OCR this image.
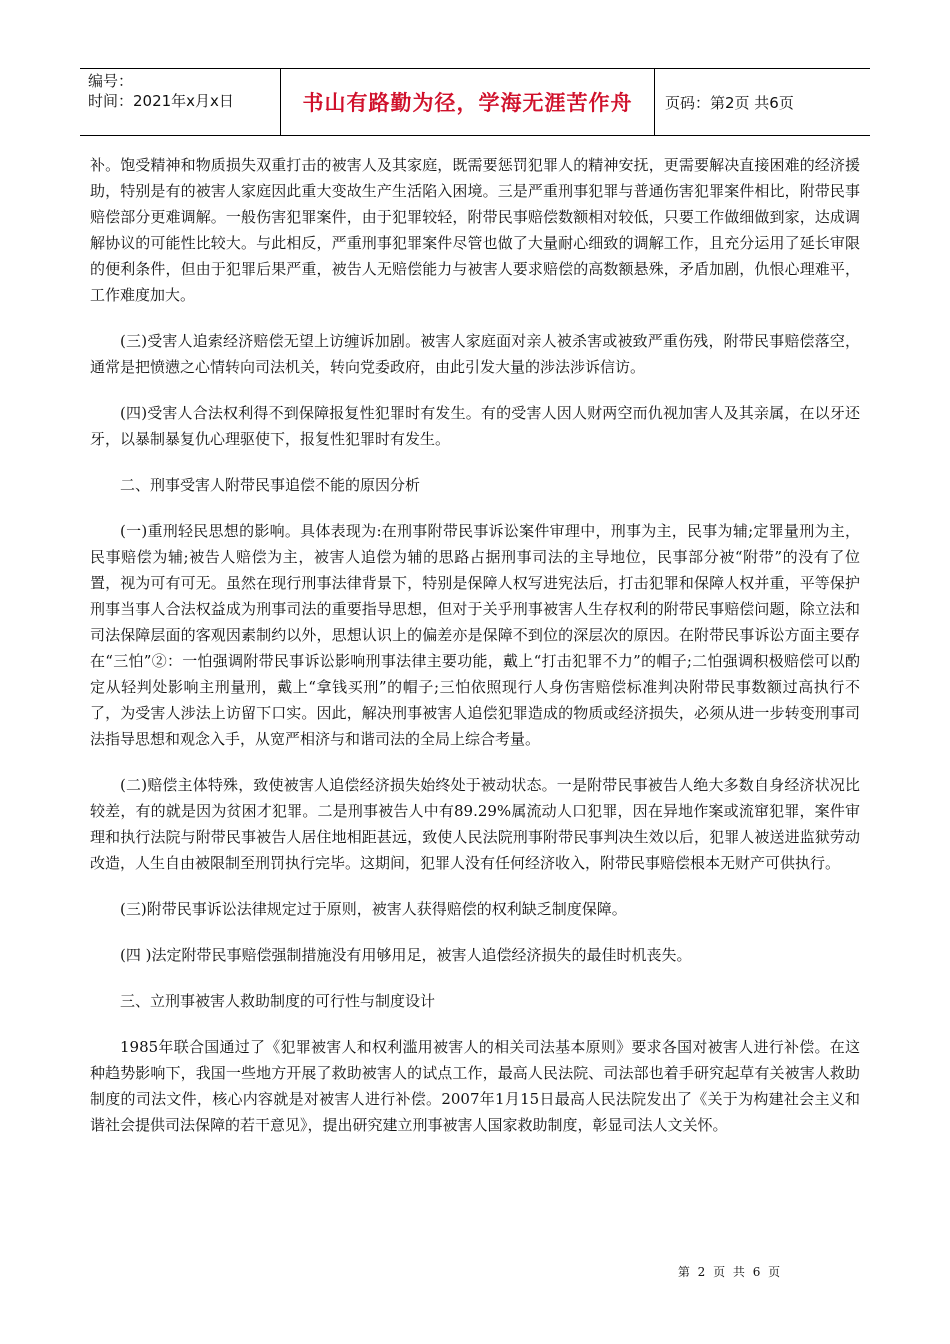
编号：
时间：2021年x月x日	书山有路勤为径，学海无涯苦作舟	页码：第2页 共6页

补。饱受精神和物质损失双重打击的被害人及其家庭，既需要惩罚犯罪人的精神安抚，更需要解决直接困难的经济援助，特别是有的被害人家庭因此重大变故生产生活陷入困境。三是严重刑事犯罪与普通伤害犯罪案件相比，附带民事赔偿部分更难调解。一般伤害犯罪案件，由于犯罪较轻，附带民事赔偿数额相对较低，只要工作做细做到家，达成调解协议的可能性比较大。与此相反，严重刑事犯罪案件尽管也做了大量耐心细致的调解工作，且充分运用了延长审限的便利条件，但由于犯罪后果严重，被告人无赔偿能力与被害人要求赔偿的高数额悬殊，矛盾加剧，仇恨心理难平，工作难度加大。

(三)受害人追索经济赔偿无望上访缠诉加剧。被害人家庭面对亲人被杀害或被致严重伤残，附带民事赔偿落空，通常是把愤懑之心情转向司法机关，转向党委政府，由此引发大量的涉法涉诉信访。

(四)受害人合法权利得不到保障报复性犯罪时有发生。有的受害人因人财两空而仇视加害人及其亲属，在以牙还牙，以暴制暴复仇心理驱使下，报复性犯罪时有发生。

二、刑事受害人附带民事追偿不能的原因分析

(一)重刑轻民思想的影响。具体表现为:在刑事附带民事诉讼案件审理中，刑事为主，民事为辅;定罪量刑为主，民事赔偿为辅;被告人赔偿为主，被害人追偿为辅的思路占据刑事司法的主导地位，民事部分被“附带”的没有了位置，视为可有可无。虽然在现行刑事法律背景下，特别是保障人权写进宪法后，打击犯罪和保障人权并重，平等保护刑事当事人合法权益成为刑事司法的重要指导思想，但对于关乎刑事被害人生存权利的附带民事赔偿问题，除立法和司法保障层面的客观因素制约以外，思想认识上的偏差亦是保障不到位的深层次的原因。在附带民事诉讼方面主要存在“三怕”②：一怕强调附带民事诉讼影响刑事法律主要功能，戴上“打击犯罪不力”的帽子;二怕强调积极赔偿可以酌定从轻判处影响主刑量刑，戴上“拿钱买刑”的帽子;三怕依照现行人身伤害赔偿标准判决附带民事数额过高执行不了，为受害人涉法上访留下口实。因此，解决刑事被害人追偿犯罪造成的物质或经济损失，必须从进一步转变刑事司法指导思想和观念入手，从宽严相济与和谐司法的全局上综合考量。

(二)赔偿主体特殊，致使被害人追偿经济损失始终处于被动状态。一是附带民事被告人绝大多数自身经济状况比较差，有的就是因为贫困才犯罪。二是刑事被告人中有89.29%属流动人口犯罪，因在异地作案或流窜犯罪，案件审理和执行法院与附带民事被告人居住地相距甚远，致使人民法院刑事附带民事判决生效以后，犯罪人被送进监狱劳动改造，人生自由被限制至刑罚执行完毕。这期间，犯罪人没有任何经济收入，附带民事赔偿根本无财产可供执行。

(三)附带民事诉讼法律规定过于原则，被害人获得赔偿的权利缺乏制度保障。

(四 )法定附带民事赔偿强制措施没有用够用足，被害人追偿经济损失的最佳时机丧失。

三、立刑事被害人救助制度的可行性与制度设计

1985年联合国通过了《犯罪被害人和权利滥用被害人的相关司法基本原则》要求各国对被害人进行补偿。在这种趋势影响下，我国一些地方开展了救助被害人的试点工作，最高人民法院、司法部也着手研究起草有关被害人救助制度的司法文件，核心内容就是对被害人进行补偿。2007年1月15日最高人民法院发出了《关于为构建社会主义和谐社会提供司法保障的若干意见》，提出研究建立刑事被害人国家救助制度，彰显司法人文关怀。

第 2 页 共 6 页
